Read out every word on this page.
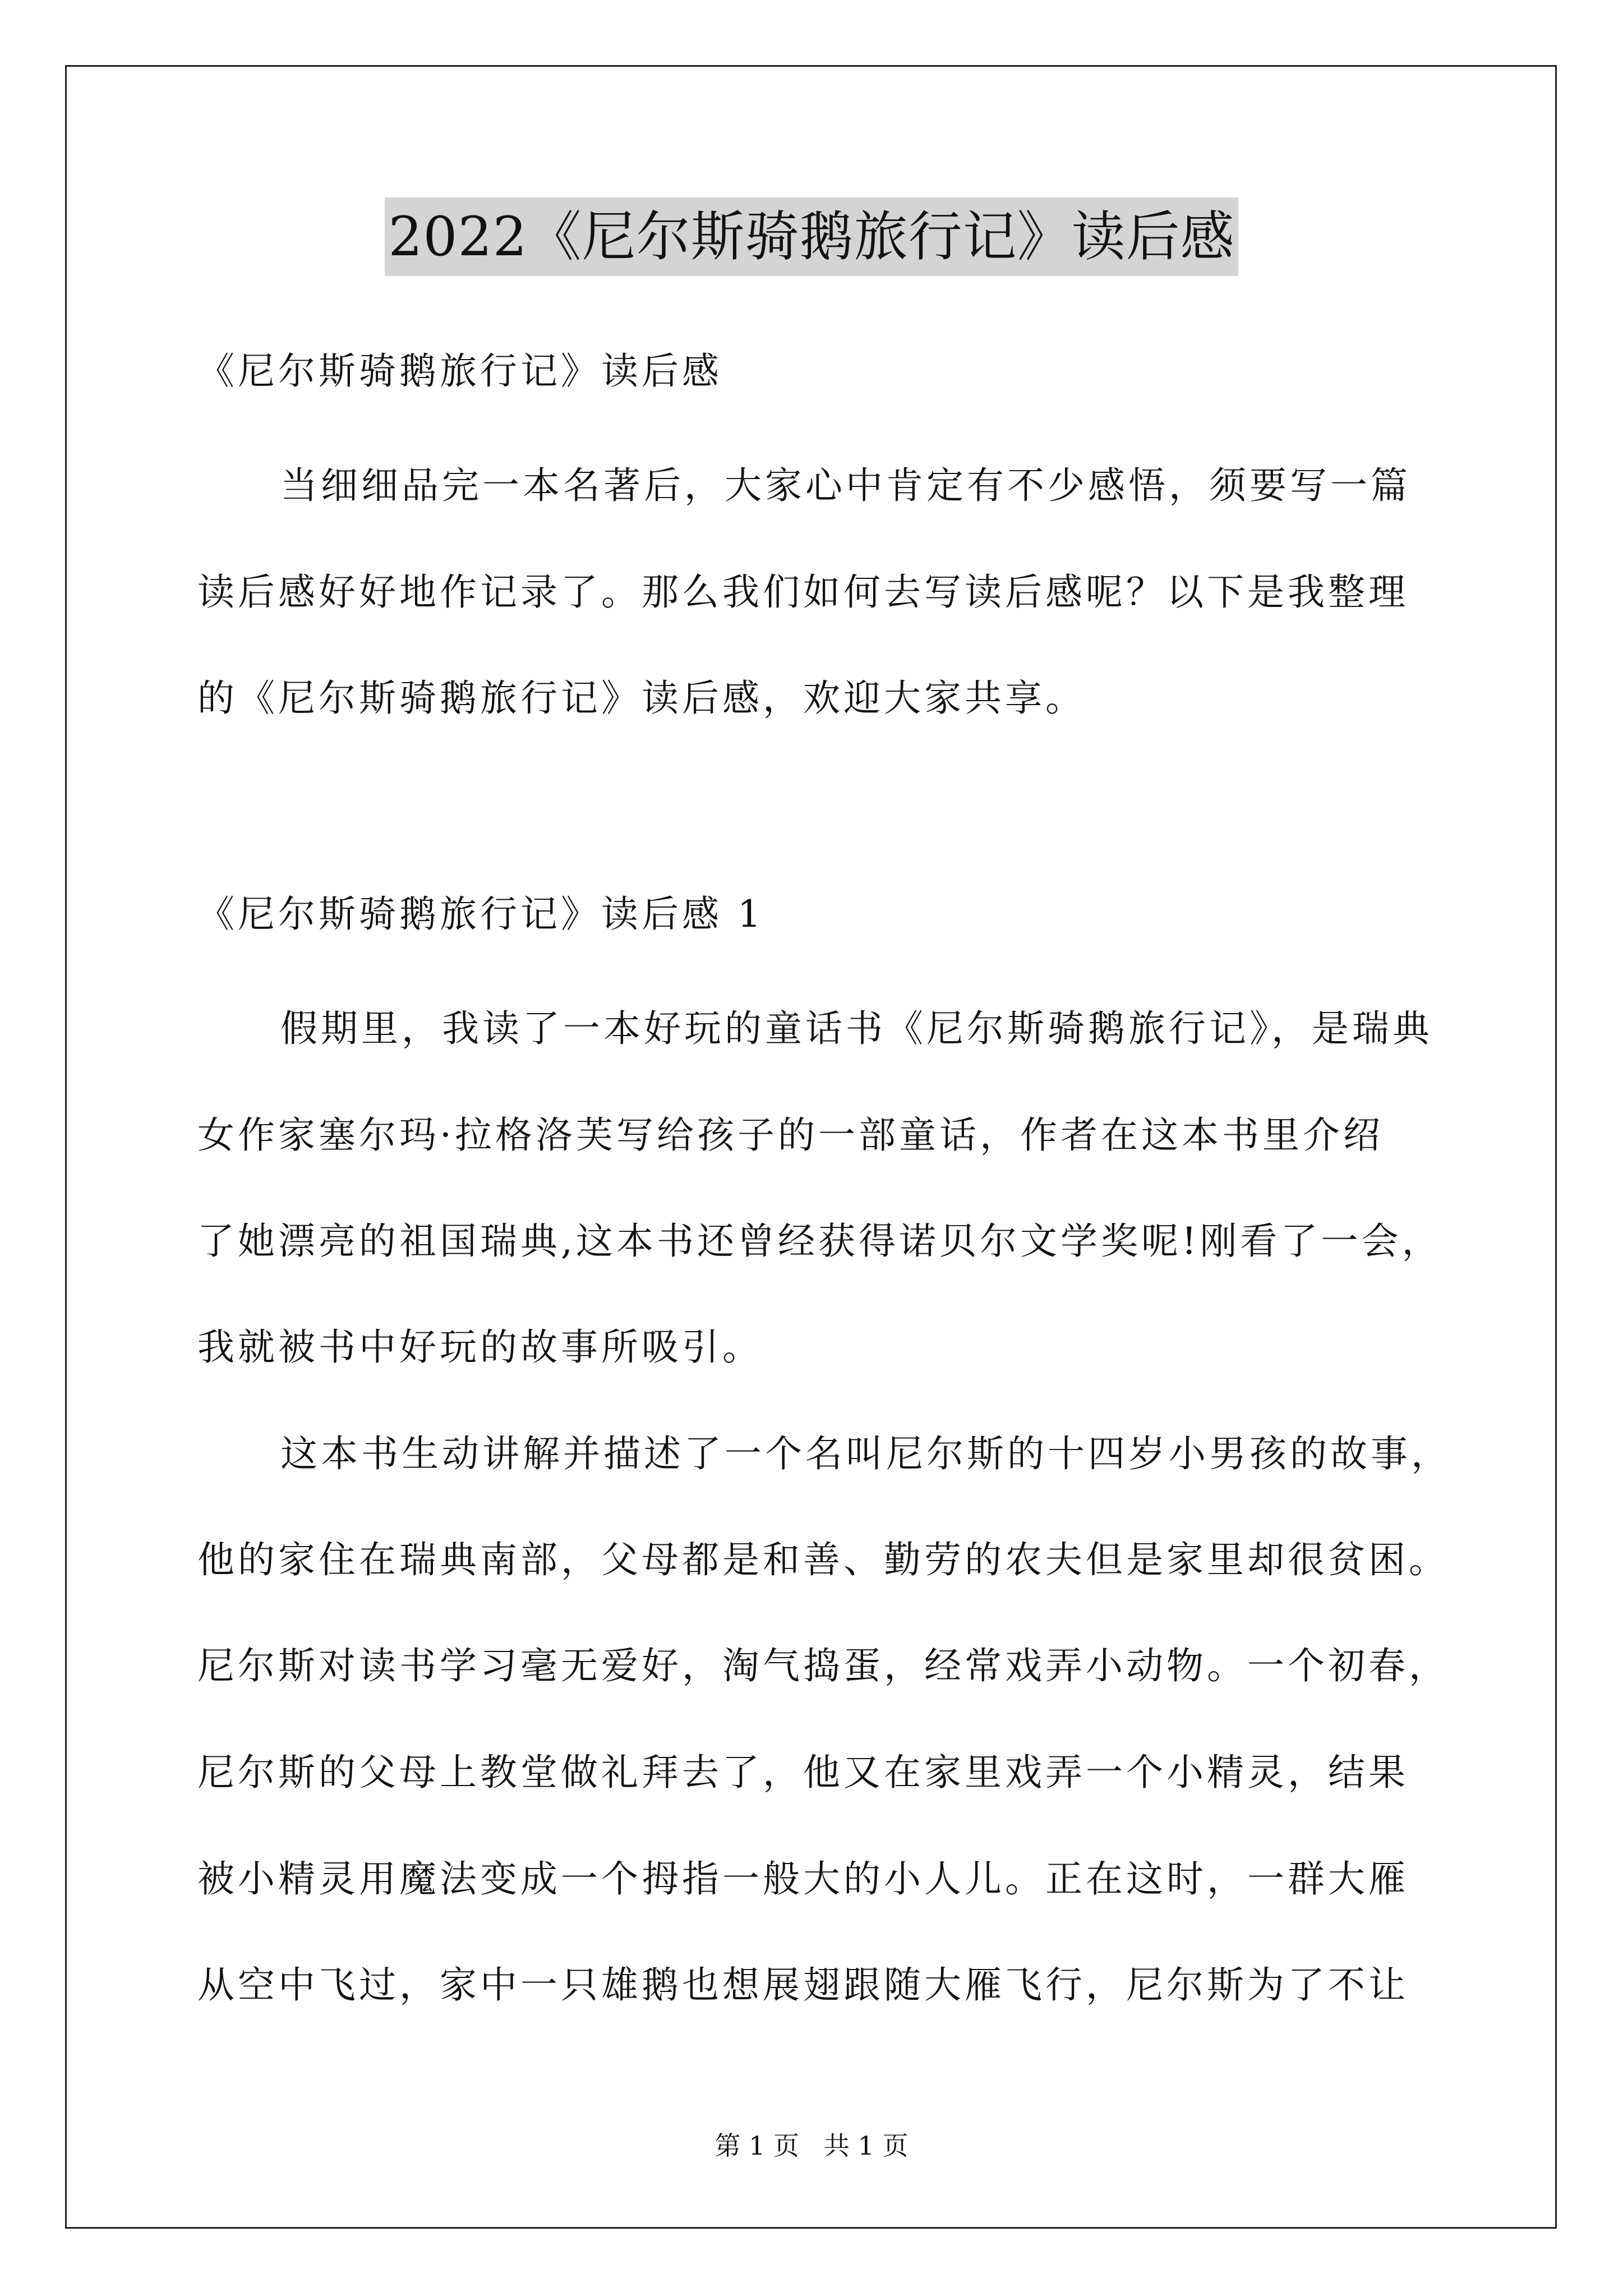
2022《尼尔斯骑鹅旅行记》读后感
《尼尔斯骑鹅旅行记》读后感
当细细品完一本名著后，大家心中肯定有不少感悟，须要写一篇
读后感好好地作记录了。那么我们如何去写读后感呢？以下是我整理
的《尼尔斯骑鹅旅行记》读后感，欢迎大家共享。
《尼尔斯骑鹅旅行记》读后感 1
假期里，我读了一本好玩的童话书《尼尔斯骑鹅旅行记》，是瑞典
女作家塞尔玛·拉格洛芙写给孩子的一部童话，作者在这本书里介绍
了她漂亮的祖国瑞典,这本书还曾经获得诺贝尔文学奖呢!刚看了一会，
我就被书中好玩的故事所吸引。
这本书生动讲解并描述了一个名叫尼尔斯的十四岁小男孩的故事，
他的家住在瑞典南部，父母都是和善、勤劳的农夫但是家里却很贫困。
尼尔斯对读书学习毫无爱好，淘气捣蛋，经常戏弄小动物。一个初春，
尼尔斯的父母上教堂做礼拜去了，他又在家里戏弄一个小精灵，结果
被小精灵用魔法变成一个拇指一般大的小人儿。正在这时，一群大雁
从空中飞过，家中一只雄鹅也想展翅跟随大雁飞行，尼尔斯为了不让
第 1 页 共 1 页
